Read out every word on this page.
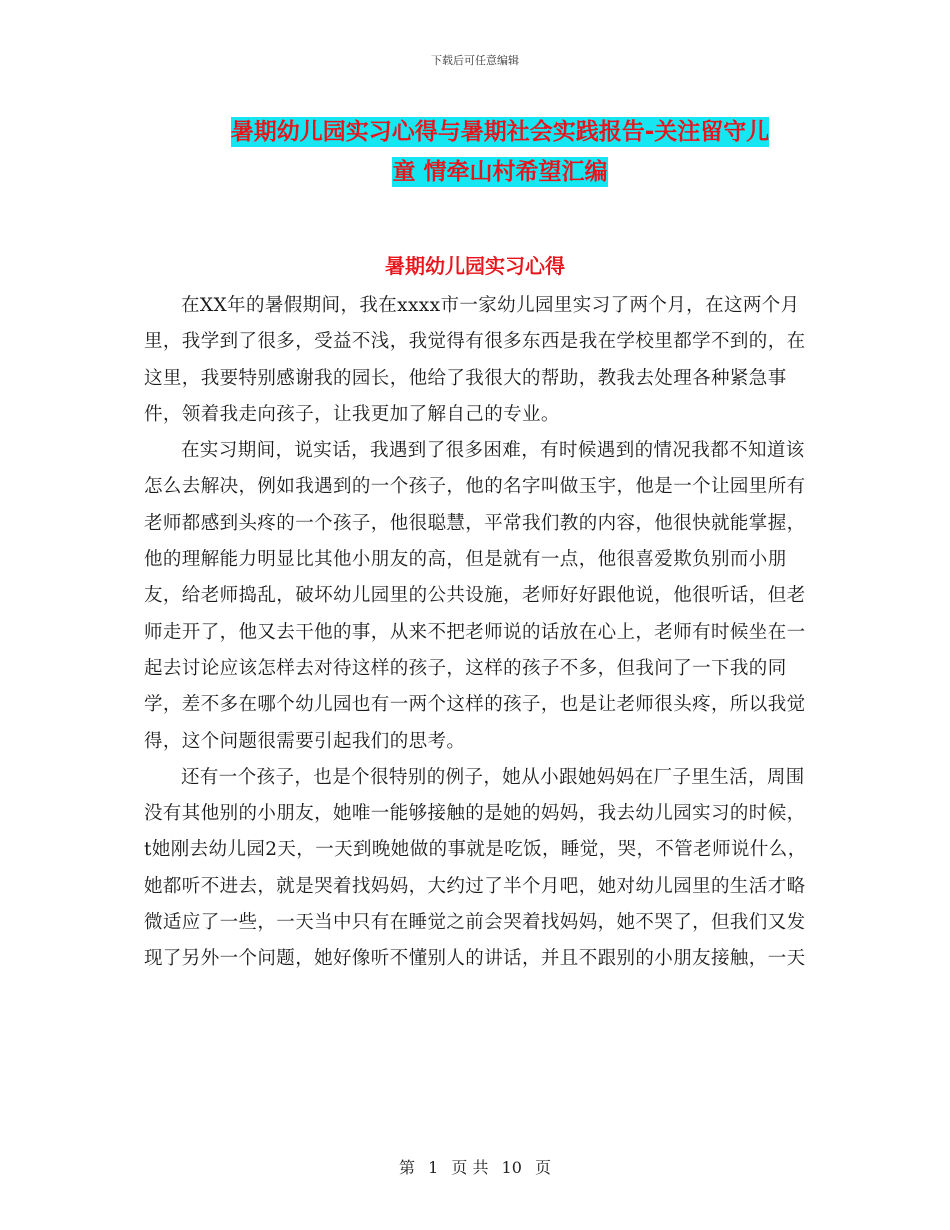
下载后可任意编辑
暑期幼儿园实习心得与暑期社会实践报告-关注留守儿
童 情牵山村希望汇编
暑期幼儿园实习心得

在XX年的暑假期间，我在xxxx市一家幼儿园里实习了两个月，在这两个月里，我学到了很多，受益不浅，我觉得有很多东西是我在学校里都学不到的，在这里，我要特别感谢我的园长，他给了我很大的帮助，教我去处理各种紧急事件，领着我走向孩子，让我更加了解自己的专业。

在实习期间，说实话，我遇到了很多困难，有时候遇到的情况我都不知道该怎么去解决，例如我遇到的一个孩子，他的名字叫做玉宇，他是一个让园里所有老师都感到头疼的一个孩子，他很聪慧，平常我们教的内容，他很快就能掌握，他的理解能力明显比其他小朋友的高，但是就有一点，他很喜爱欺负别而小朋友，给老师捣乱，破坏幼儿园里的公共设施，老师好好跟他说，他很听话，但老师走开了，他又去干他的事，从来不把老师说的话放在心上，老师有时候坐在一起去讨论应该怎样去对待这样的孩子，这样的孩子不多，但我问了一下我的同学，差不多在哪个幼儿园也有一两个这样的孩子，也是让老师很头疼，所以我觉得，这个问题很需要引起我们的思考。

还有一个孩子，也是个很特别的例子，她从小跟她妈妈在厂子里生活，周围没有其他别的小朋友，她唯一能够接触的是她的妈妈，我去幼儿园实习的时候，t她刚去幼儿园2天，一天到晚她做的事就是吃饭，睡觉，哭，不管老师说什么，她都听不进去，就是哭着找妈妈，大约过了半个月吧，她对幼儿园里的生活才略微适应了一些，一天当中只有在睡觉之前会哭着找妈妈，她不哭了，但我们又发现了另外一个问题，她好像听不懂别人的讲话，并且不跟别的小朋友接触，一天

第 1 页 共 10 页
